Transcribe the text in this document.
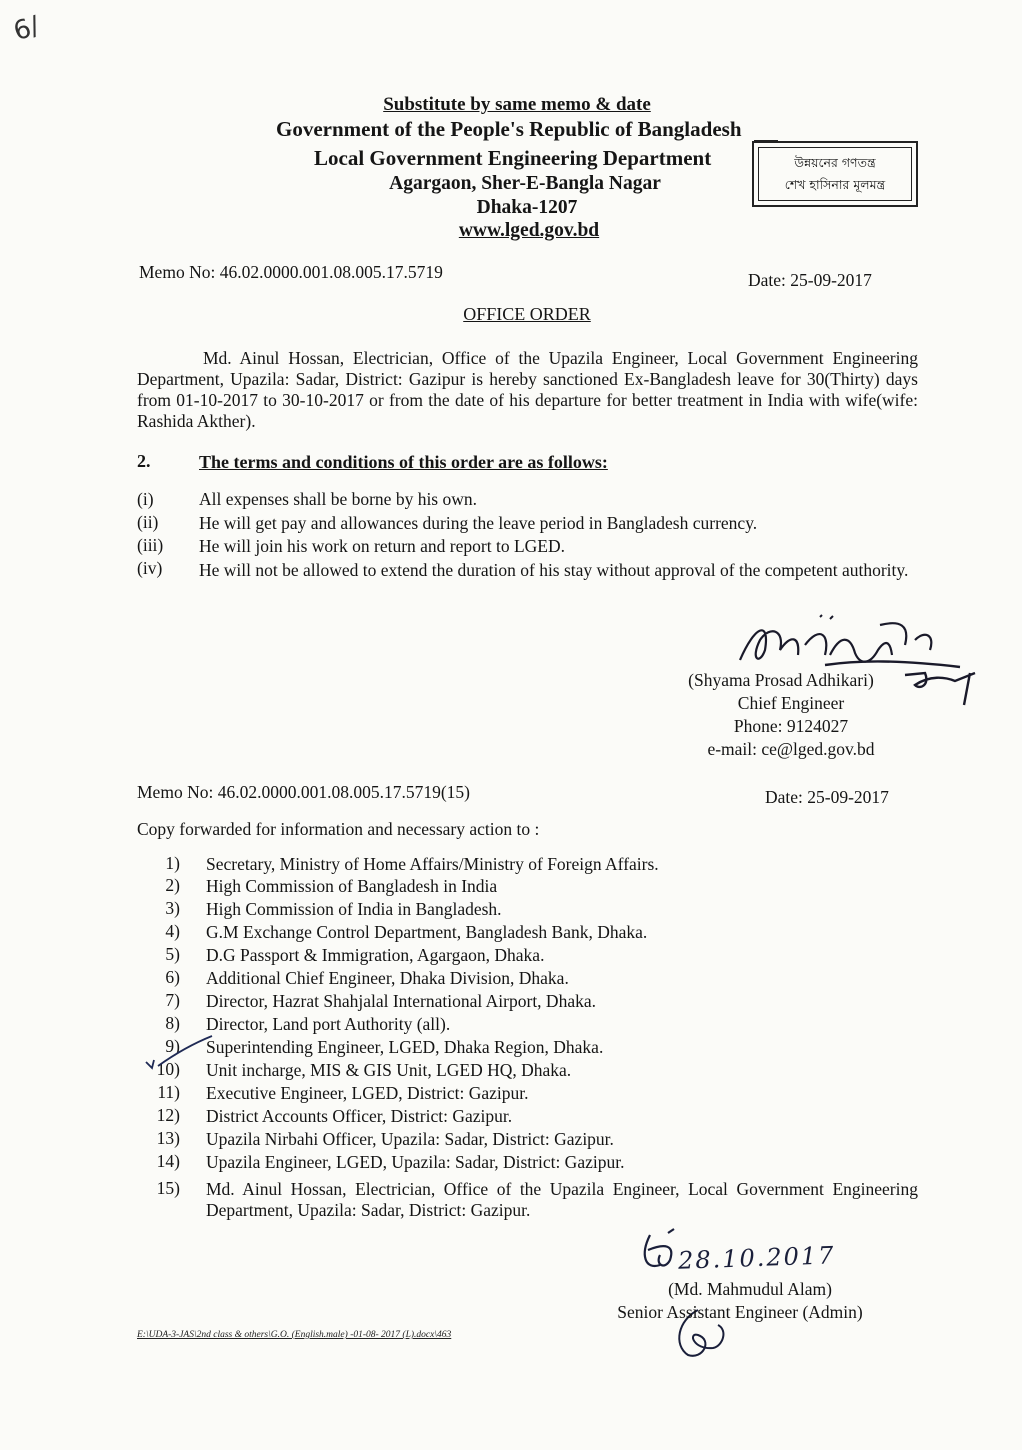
6/
Substitute by same memo & date
Government of the People's Republic of Bangladesh
Local Government Engineering Department
Agargaon, Sher-E-Bangla Nagar
Dhaka-1207
www.lged.gov.bd
উন্নয়নের গণতন্ত্র
শেখ হাসিনার মূলমন্ত্র
Memo No: 46.02.0000.001.08.005.17.5719	Date: 25-09-2017
OFFICE ORDER
Md. Ainul Hossan, Electrician, Office of the Upazila Engineer, Local Government Engineering Department, Upazila: Sadar, District: Gazipur is hereby sanctioned Ex-Bangladesh leave for 30(Thirty) days from 01-10-2017 to 30-10-2017 or from the date of his departure for better treatment in India with wife(wife: Rashida Akther).
2.	The terms and conditions of this order are as follows:
(i)	All expenses shall be borne by his own.
(ii) He will get pay and allowances during the leave period in Bangladesh currency.
(iii) He will join his work on return and report to LGED.
(iv) He will not be allowed to extend the duration of his stay without approval of the competent authority.
(Shyama Prosad Adhikari)
Chief Engineer
Phone: 9124027
e-mail: ce@lged.gov.bd
Memo No: 46.02.0000.001.08.005.17.5719(15)	Date: 25-09-2017
Copy forwarded for information and necessary action to :
1) Secretary, Ministry of Home Affairs/Ministry of Foreign Affairs.
2) High Commission of Bangladesh in India
3) High Commission of India in Bangladesh.
4) G.M Exchange Control Department, Bangladesh Bank, Dhaka.
5) D.G Passport & Immigration, Agargaon, Dhaka.
6) Additional Chief Engineer, Dhaka Division, Dhaka.
7) Director, Hazrat Shahjalal International Airport, Dhaka.
8) Director, Land port Authority (all).
9) Superintending Engineer, LGED, Dhaka Region, Dhaka.
10) Unit incharge, MIS & GIS Unit, LGED HQ, Dhaka.
11) Executive Engineer, LGED, District: Gazipur.
12) District Accounts Officer, District: Gazipur.
13) Upazila Nirbahi Officer, Upazila: Sadar, District: Gazipur.
14) Upazila Engineer, LGED, Upazila: Sadar, District: Gazipur.
15) Md. Ainul Hossan, Electrician, Office of the Upazila Engineer, Local Government Engineering Department, Upazila: Sadar, District: Gazipur.
28.10.2017
(Md. Mahmudul Alam)
Senior Assistant Engineer (Admin)
E:\UDA-3-JAS\2nd class & others\G.O. (English.male) -01-08- 2017 (L).docx\463
